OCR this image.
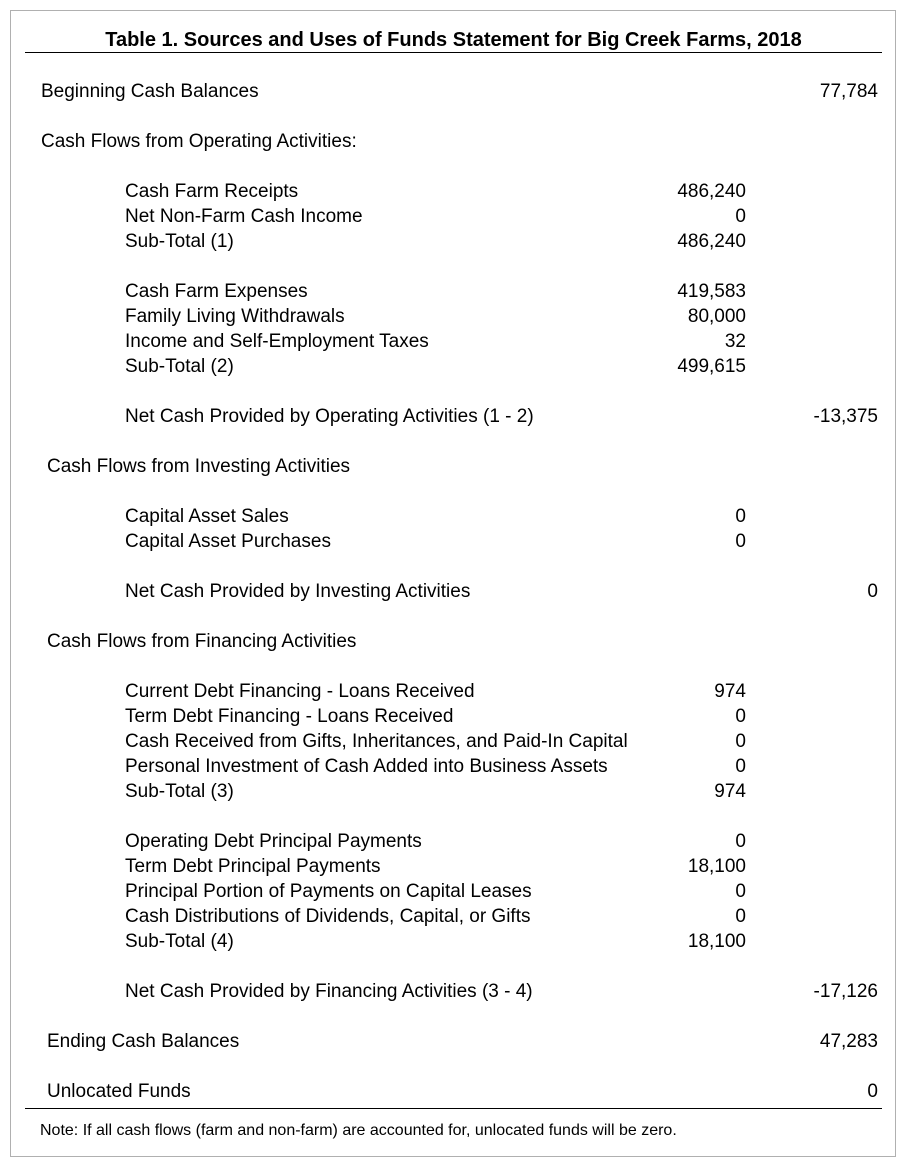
Table 1. Sources and Uses of Funds Statement for Big Creek Farms, 2018
Beginning Cash Balances	77,784
Cash Flows from Operating Activities:
Cash Farm Receipts	486,240
Net Non-Farm Cash Income	0
Sub-Total (1)	486,240
Cash Farm Expenses	419,583
Family Living Withdrawals	80,000
Income and Self-Employment Taxes	32
Sub-Total (2)	499,615
Net Cash Provided by Operating Activities (1 - 2)	-13,375
Cash Flows from Investing Activities
Capital Asset Sales	0
Capital Asset Purchases	0
Net Cash Provided by Investing Activities	0
Cash Flows from Financing Activities
Current Debt Financing - Loans Received	974
Term Debt Financing - Loans Received	0
Cash Received from Gifts, Inheritances, and Paid-In Capital	0
Personal Investment of Cash Added into Business Assets	0
Sub-Total (3)	974
Operating Debt Principal Payments	0
Term Debt Principal Payments	18,100
Principal Portion of Payments on Capital Leases	0
Cash Distributions of Dividends, Capital, or Gifts	0
Sub-Total (4)	18,100
Net Cash Provided by Financing Activities (3 - 4)	-17,126
Ending Cash Balances	47,283
Unlocated Funds	0
Note: If all cash flows (farm and non-farm) are accounted for, unlocated funds will be zero.
